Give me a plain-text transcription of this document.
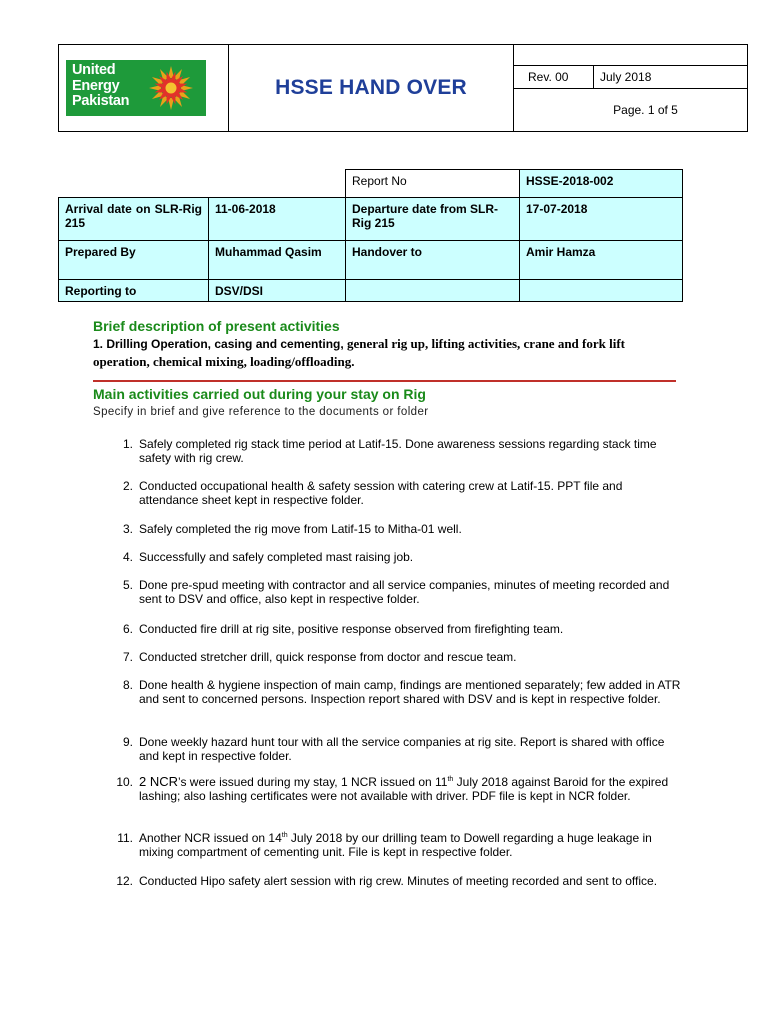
United
Energy
Pakistan
HSSE HAND OVER	Rev. 00	July 2018
Page. 1 of 5
		Report No	HSSE-2018-002
Arrival date on SLR-Rig 215	11-06-2018	Departure date from SLR-Rig 215	17-07-2018
Prepared By	Muhammad Qasim	Handover to	Amir Hamza
Reporting to	DSV/DSI		
Brief description of present activities
1. Drilling Operation, casing and cementing, general rig up, lifting activities, crane and fork lift operation, chemical mixing, loading/offloading.
Main activities carried out during your stay on Rig
Specify in brief and give reference to the documents or folder
1. Safely completed rig stack time period at Latif-15. Done awareness sessions regarding stack time safety with rig crew.
2. Conducted occupational health & safety session with catering crew at Latif-15. PPT file and attendance sheet kept in respective folder.
3. Safely completed the rig move from Latif-15 to Mitha-01 well.
4. Successfully and safely completed mast raising job.
5. Done pre-spud meeting with contractor and all service companies, minutes of meeting recorded and sent to DSV and office, also kept in respective folder.
6. Conducted fire drill at rig site, positive response observed from firefighting team.
7. Conducted stretcher drill, quick response from doctor and rescue team.
8. Done health & hygiene inspection of main camp, findings are mentioned separately; few added in ATR and sent to concerned persons. Inspection report shared with DSV and is kept in respective folder.
9. Done weekly hazard hunt tour with all the service companies at rig site. Report is shared with office and kept in respective folder.
10. 2 NCR’s were issued during my stay, 1 NCR issued on 11th July 2018 against Baroid for the expired lashing; also lashing certificates were not available with driver. PDF file is kept in NCR folder.
11. Another NCR issued on 14th July 2018 by our drilling team to Dowell regarding a huge leakage in mixing compartment of cementing unit. File is kept in respective folder.
12. Conducted Hipo safety alert session with rig crew. Minutes of meeting recorded and sent to office.
